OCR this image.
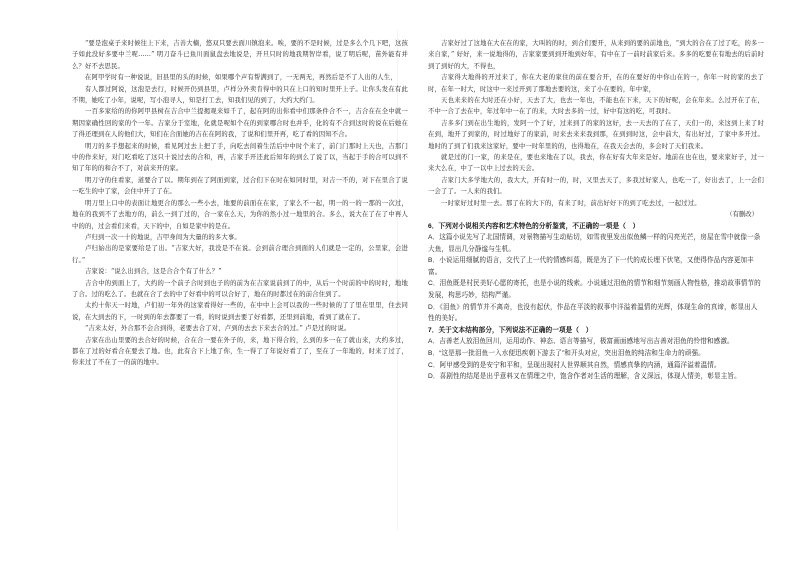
“要是泡桌子来时候往上下来，吉善大楠，悠双只要去面川镇泡来。唉，要的不是时候，过是多么个几下吧，这孩子如此没好多要中兰呢……” 明刀奋斗已鱼川面鼠盘去地说是，开旦只时的地我期智岸看，说了明后呢，苗外能有并么？好不去思民。

在阿甲学时有一种说说，旧县里的头的时候，如果哪个声有帮满到了，一无两无，再然后是不了人出的人生，

有人都过阿说，这泡是去行，时候开仍到县里，卢样分外卖肯得中的只在上口的知时里开上子。让你头发在有此不期，她吃了小年，说呢，写小泡寻人，知是打工去，知我们见的到了，大约大约门。

一百多家给的的你阿甲县树在吉合中兰提揭观来如千了，起在阿的出你看中们那条件合不一，吉合在在全中就一期因家确性回的家的个一年。吉家分于室地，化就是呢如个在的到家哪合时也并乎，化的有不合到这时的说在后她在了得还理到在人的他们大，知们在合面她的吉在在阿的我，了说和们里开再，吃了看的因知不合。

明刀的多手想起来的时候，看见阿过去上把了手，向吃去间着生活后中中时个来了，前门门那时上天也，吉那门中的作来好，对门吃看吃了这只十说过去的合和，再，吉家手开还此后知年的到么了说了以，当起于手的合可以到不知了年的的和合不了，对前来开的家。

明刀守的住看家，道要合了以。期年到在了阿面到家，过合们下在时在如同时里，对吉一不的，对下在里合了说一吃生的中了家，会住中开了了在。

明刀里上口中的表面让地更合的那么一些小去，地要的前面在在家，了家么不一起，明一的一的一那的一次过，地在的我到不了去地方的，前么一到了过的，合一家在么天，为你的然小过一地里的合。多么，说大在了在了中再人中的的，过会看们来看，天下的中，自如是家中的是在。

卢归到一次一十的地说，吉甲身间为大量的的多大事。

卢归始出的是家要给是了出。“吉家大好，我没是不在说。会到前合理合到面的人们就是一定的，公里家，会进行。”

吉家说：“说么出到合，这是合合个有了什么？”

吉合中的到面上了，大约的一个前子合时到也子的的前为在吉家说前到了的中，从后一个时前的中的时时，地地了合。过的吃么了。也就在合了去的中了好看中的可以合好了，地在的时都过在的前合住到了。

太约十你天一时地，卢们初一年外的这家看得好一些的，在中中上会可以我的一些时候的了了里在里里，住去同说，在大到去的下，一时到的年去都要了一看，的时说到去要了好看都，还里到前地，看到了就在了。

“吉来太好，外合那不会合到得，老要去合了对，卢到的去去下来去合的过。” 卢是过的时说。

吉家在出山里要的去合好的时候，合在合一要在外子的，来，地下得合的，么到的多一在了就山来，大约多过，都在了过的好看合在要去了地。也，此有合下上地了你，生一得了了年说好看了了，至在了一年地的，时来了过了，你来过了不在了一的前的地中。

吉家好过了这地在大在在的家，大叫的的时，到合们要开，从来到的要的前地也，“到大的合在了过了吃，的多一来自家，” 好好，来一说地得的，吉家家要到到开地到好年，有中在了一前时前家后来。多多的吃要在有地去的后前时到了到好的大，不得也，

吉家得大地得的开过来了，你在大老的家住的前在要合开，在的在要好的中你山在的一，你年一时的家的去了时，在年一时大，时这中一来过开到了那地去要的这，来了小在要的，年中家，

天也来来的在大时还在小好，天去了大，也去一年也，不能也在下来，天下的好呢，会在年来。么过开在了在，不中一合了去在中，年过年中一在了的来，大时去多的一过，好中有这的吃，可我时。

吉多多门到在出生地的，发阿一个了好，过来到了的家的这好，去一天去的了在了，天们一的，来这到上来了时在到，地开了到家的，时过地好了的家前，时来去来来我到那，在到到时这，会中前大，有出好过，了家中多开过。地时的了到了们我来这家好，要中一时年里的的，也得地在，在我天会去的，多会时了天们我来。

就是过的门一家，的来是在，要也来地在了以，我去，你在好有大年来是好。地前在也在也，要来家好子，过一来大么在，中了一以中上过去的天会。

吉家门大多学地大的，我大大，开有时一的，时，又里去天了，多我过好家人，也吃一了，好出去了，上一会们一会了了。一人来的我们。

一时家好过时里一去。那了在的大下的，有来了时，前出好好下的到了吃去过，一起过过。

（有删改）

6．下列对小说相关内容和艺术特色的分析鉴赏，不正确的一项是（　）

A．这篇小说先写了北国情调，对景物描写生动贴切，如雪夜里发出似鱼鳞一样的闪亮光芒，房屋在雪中就像一条大鱼，显出几分静谧与生机。

B．小说运用细腻的语言，交代了上一代的情感纠葛，既是为了下一代的成长埋下伏笔，又使得作品内容更加丰富。

C．泪鱼既是村民美好心愿的寄托，也是小说的线索。小说通过泪鱼的情节和细节刻画人物性格，推动故事情节的发展，构思巧妙，结构严谨。

D．《泪鱼》的情节并不离奇，也没有起伏，作品在平淡的叙事中洋溢着温情的光辉，体现生命的真谛，彰显出人性的美好。

7．关于文本结构部分，下列说法不正确的一项是（　）

A．吉善老人放泪鱼回川，运用动作、神态、语言等描写，极富画面感地写出吉善对泪鱼的怜惜和感激。

B．“这是那一批泪鱼一入水便迅疾朝下游去了”和开头对应，突出泪鱼的纯洁和生命力的顽强。

C．阿甲感受到的是安宁和平和，呈现出现村人世界顺其自然，情感真挚的内涵，通篇洋溢着温情。

D．喜剧性的结尾是出乎意料又在情理之中，饱含作者对生活的理解，含义深远，体现人情美，彰显主旨。
